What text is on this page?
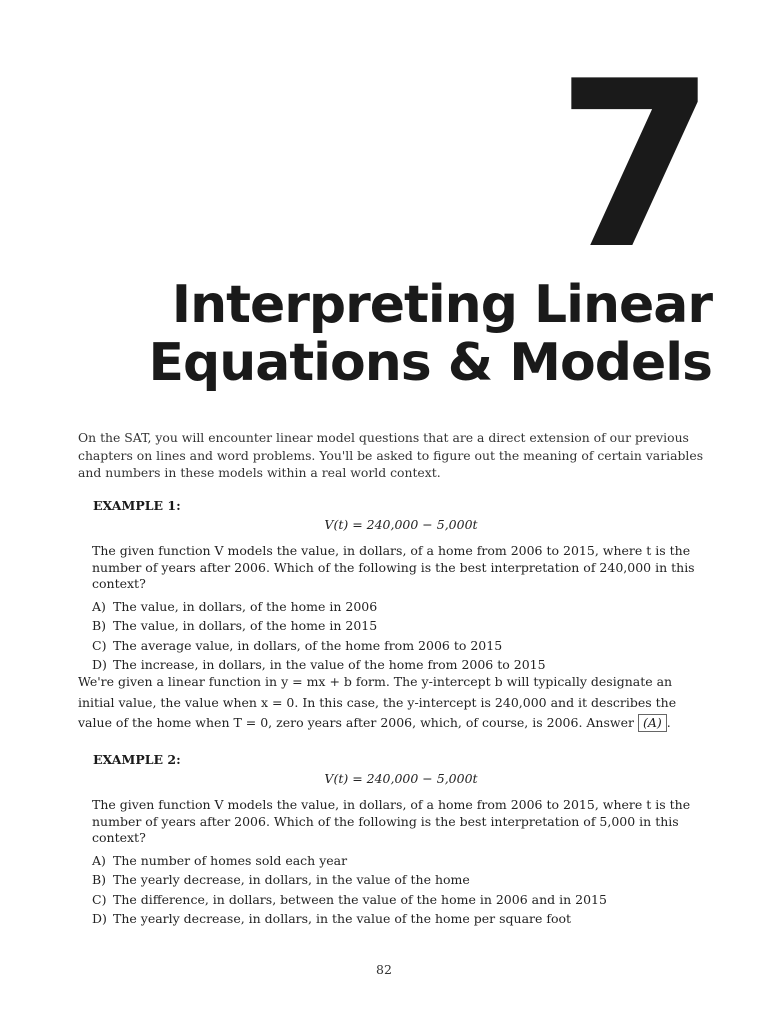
7
Interpreting Linear
Equations & Models

On the SAT, you will encounter linear model questions that are a direct extension of our previous chapters on lines and word problems. You'll be asked to figure out the meaning of certain variables and numbers in these models within a real world context.

EXAMPLE 1:
V(t) = 240,000 − 5,000t
The given function V models the value, in dollars, of a home from 2006 to 2015, where t is the number of years after 2006. Which of the following is the best interpretation of 240,000 in this context?
A) The value, in dollars, of the home in 2006
B) The value, in dollars, of the home in 2015
C) The average value, in dollars, of the home from 2006 to 2015
D) The increase, in dollars, in the value of the home from 2006 to 2015

We're given a linear function in y = mx + b form. The y-intercept b will typically designate an initial value, the value when x = 0. In this case, the y-intercept is 240,000 and it describes the value of the home when T = 0, zero years after 2006, which, of course, is 2006. Answer (A) .

EXAMPLE 2:
V(t) = 240,000 − 5,000t
The given function V models the value, in dollars, of a home from 2006 to 2015, where t is the number of years after 2006. Which of the following is the best interpretation of 5,000 in this context?
A) The number of homes sold each year
B) The yearly decrease, in dollars, in the value of the home
C) The difference, in dollars, between the value of the home in 2006 and in 2015
D) The yearly decrease, in dollars, in the value of the home per square foot
82
